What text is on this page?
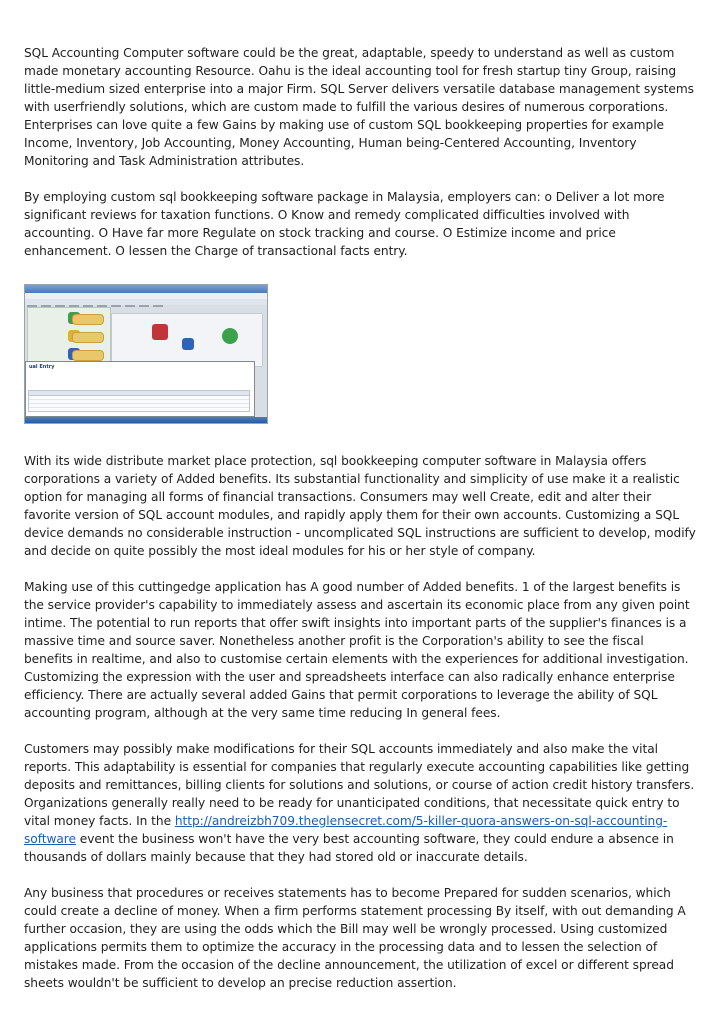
SQL Accounting Computer software could be the great, adaptable, speedy to understand as well as custom made monetary accounting Resource. Oahu is the ideal accounting tool for fresh startup tiny Group, raising little-medium sized enterprise into a major Firm. SQL Server delivers versatile database management systems with userfriendly solutions, which are custom made to fulfill the various desires of numerous corporations. Enterprises can love quite a few Gains by making use of custom SQL bookkeeping properties for example Income, Inventory, Job Accounting, Money Accounting, Human being-Centered Accounting, Inventory Monitoring and Task Administration attributes.

By employing custom sql bookkeeping software package in Malaysia, employers can: o Deliver a lot more significant reviews for taxation functions. O Know and remedy complicated difficulties involved with accounting. O Have far more Regulate on stock tracking and course. O Estimize income and price enhancement. O lessen the Charge of transactional facts entry.

ual Entry

With its wide distribute market place protection, sql bookkeeping computer software in Malaysia offers corporations a variety of Added benefits. Its substantial functionality and simplicity of use make it a realistic option for managing all forms of financial transactions. Consumers may well Create, edit and alter their favorite version of SQL account modules, and rapidly apply them for their own accounts. Customizing a SQL device demands no considerable instruction - uncomplicated SQL instructions are sufficient to develop, modify and decide on quite possibly the most ideal modules for his or her style of company.

Making use of this cuttingedge application has A good number of Added benefits. 1 of the largest benefits is the service provider's capability to immediately assess and ascertain its economic place from any given point intime. The potential to run reports that offer swift insights into important parts of the supplier's finances is a massive time and source saver. Nonetheless another profit is the Corporation's ability to see the fiscal benefits in realtime, and also to customise certain elements with the experiences for additional investigation. Customizing the expression with the user and spreadsheets interface can also radically enhance enterprise efficiency. There are actually several added Gains that permit corporations to leverage the ability of SQL accounting program, although at the very same time reducing In general fees.

Customers may possibly make modifications for their SQL accounts immediately and also make the vital reports. This adaptability is essential for companies that regularly execute accounting capabilities like getting deposits and remittances, billing clients for solutions and solutions, or course of action credit history transfers. Organizations generally really need to be ready for unanticipated conditions, that necessitate quick entry to vital money facts. In the http://andreizbh709.theglensecret.com/5-killer-quora-answers-on-sql-accounting-software event the business won't have the very best accounting software, they could endure a absence in thousands of dollars mainly because that they had stored old or inaccurate details.

Any business that procedures or receives statements has to become Prepared for sudden scenarios, which could create a decline of money. When a firm performs statement processing By itself, with out demanding A further occasion, they are using the odds which the Bill may well be wrongly processed. Using customized applications permits them to optimize the accuracy in the processing data and to lessen the selection of mistakes made. From the occasion of the decline announcement, the utilization of excel or different spread sheets wouldn't be sufficient to develop an precise reduction assertion.
